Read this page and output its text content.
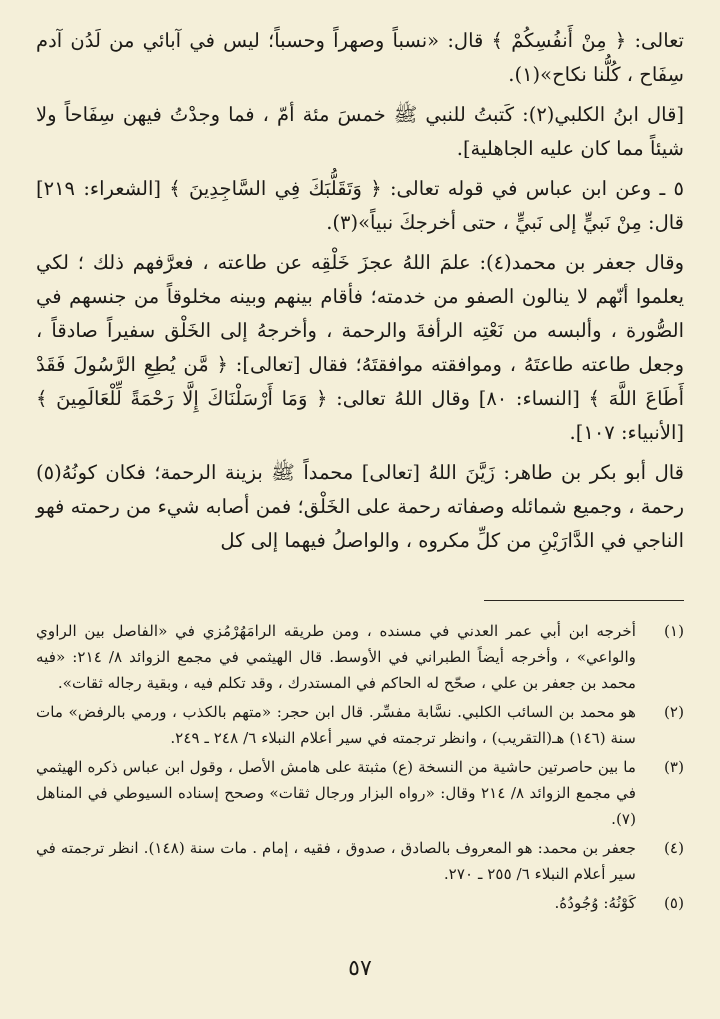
تعالى: ﴿ مِنْ أَنفُسِكُمْ ﴾ قال: «نسباً وصهراً وحسباً؛ ليس في آبائي من لَدُن آدم سِفَاح ، كُلُّنا نكاح»(١).

[قال ابنُ الكلبي(٢): كَتبتُ للنبي ﷺ خمسَ مئة أمّ ، فما وجدْتُ فيهن سِفَاحاً ولا شيئاً مما كان عليه الجاهلية].

٥ ـ وعن ابن عباس في قوله تعالى: ﴿ وَتَقَلُّبَكَ فِي السَّاجِدِينَ ﴾ [الشعراء: ٢١٩] قال: مِنْ نَبيٍّ إلى نَبيٍّ ، حتى أخرجكَ نبياً»(٣).

وقال جعفر بن محمد(٤): علمَ اللهُ عجزَ خَلْقِه عن طاعته ، فعرَّفهم ذلك ؛ لكي يعلموا أنّهم لا ينالون الصفو من خدمته؛ فأقام بينهم وبينه مخلوقاً من جنسهم في الصُّورة ، وألبسه من نَعْتِه الرأفةَ والرحمة ، وأخرجهُ إلى الخَلْق سفيراً صادقاً ، وجعل طاعته طاعتَهُ ، وموافقته موافقتَهُ؛ فقال [تعالى]: ﴿ مَّن يُطِعِ الرَّسُولَ فَقَدْ أَطَاعَ اللَّهَ ﴾ [النساء: ٨٠] وقال اللهُ تعالى: ﴿ وَمَا أَرْسَلْنَاكَ إِلَّا رَحْمَةً لِّلْعَالَمِينَ ﴾ [الأنبياء: ١٠٧].

قال أبو بكر بن طاهر: زَيَّنَ اللهُ [تعالى] محمداً ﷺ بزينة الرحمة؛ فكان كونُهُ(٥) رحمة ، وجميع شمائله وصفاته رحمة على الخَلْق؛ فمن أصابه شيء من رحمته فهو الناجي في الدَّارَيْنِ من كلِّ مكروه ، والواصلُ فيهما إلى كل

(١)
أخرجه ابن أبي عمر العدني في مسنده ، ومن طريقه الرامَهُرْمُزي في «الفاصل بين الراوي والواعي» ، وأخرجه أيضاً الطبراني في الأوسط. قال الهيثمي في مجمع الزوائد ٨/ ٢١٤: «فيه محمد بن جعفر بن علي ، صحّح له الحاكم في المستدرك ، وقد تكلم فيه ، وبقية رجاله ثقات».
(٢)
هو محمد بن السائب الكلبي. نسَّابة مفسِّر. قال ابن حجر: «متهم بالكذب ، ورمي بالرفض» مات سنة (١٤٦) هـ(التقريب) ، وانظر ترجمته في سير أعلام النبلاء ٦/ ٢٤٨ ـ ٢٤٩.
(٣)
ما بين حاصرتين حاشية من النسخة (ع) مثبتة على هامش الأصل ، وقول ابن عباس ذكره الهيثمي في مجمع الزوائد ٨/ ٢١٤ وقال: «رواه البزار ورجال ثقات» وصحح إسناده السيوطي في المناهل (٧).
(٤)
جعفر بن محمد: هو المعروف بالصادق ، صدوق ، فقيه ، إمام . مات سنة (١٤٨). انظر ترجمته في سير أعلام النبلاء ٦/ ٢٥٥ ـ ٢٧٠.
(٥)
كَوْنُهُ: وُجُودُهُ.
٥٧
